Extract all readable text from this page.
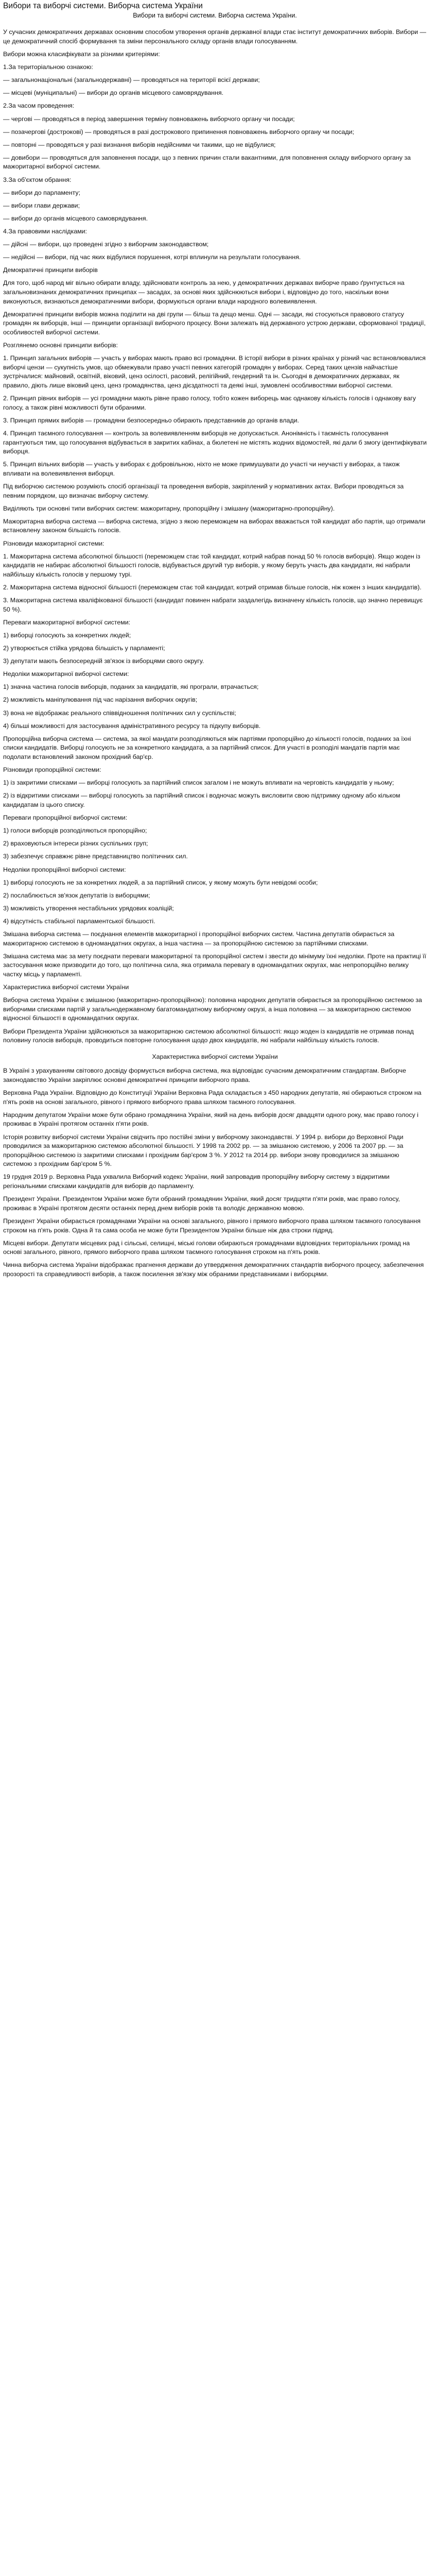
Вибори та виборчі системи. Виборча система України
Вибори та виборчі системи. Виборча система України.

У сучасних демократичних державах основним способом утворення органів державної влади стає інститут демократичних виборів. Вибори — це демократичний спосіб формування та зміни персонального складу органів влади голосуванням.

Вибори можна класифікувати за різними критеріями:

1.За територіальною ознакою:

— загальнонаціональні (загальнодержавні) — проводяться на території всієї держави;

— місцеві (муніципальні) — вибори до органів місцевого самоврядування.

2.За часом проведення:

— чергові — проводяться в період завершення терміну повноважень виборчого органу чи посади;

— позачергові (дострокові) — проводяться в разі дострокового припинення повноважень виборчого органу чи посади;

— повторні — проводяться у разі визнання виборів недійсними чи такими, що не відбулися;

— довибори — проводяться для заповнення посади, що з певних причин стали вакантними, для поповнення складу виборчого органу за мажоритарної виборчої системи.

3.За об'єктом обрання:

— вибори до парламенту;

— вибори глави держави;

— вибори до органів місцевого самоврядування.

4.За правовими наслідками:

— дійсні — вибори, що проведені згідно з виборчим законодавством;

— недійсні — вибори, під час яких відбулися порушення, котрі вплинули на результати голосування.

Демократичні принципи виборів

Для того, щоб народ міг вільно обирати владу, здійснювати контроль за нею, у демократичних державах виборче право ґрунтується на загальновизнаних демократичних принципах — засадах, за основі яких здійснюються вибори і, відповідно до того, наскільки вони виконуються, визнаються демократичними вибори, формуються органи влади народного волевиявлення.

Демократичні принципи виборів можна поділити на дві групи — більш та дещо менш. Одні — засади, які стосуються правового статусу громадян як виборців, інші — принципи організації виборчого процесу. Вони залежать від державного устрою держави, сформованої традиції, особливостей виборчої системи.

Розглянемо основні принципи виборів:

1. Принцип загальних виборів — участь у виборах мають право всі громадяни. В історії вибори в різних країнах у різний час встановлювалися виборчі цензи — сукупність умов, що обмежували право участі певних категорій громадян у виборах. Серед таких цензів найчастіше зустрічалися: майновий, освітній, віковий, ценз осілості, расовий, релігійний, гендерний та ін. Сьогодні в демократичних державах, як правило, діють лише віковий ценз, ценз громадянства, ценз дієздатності та деякі інші, зумовлені особливостями виборчої системи.

2. Принцип рівних виборів — усі громадяни мають рівне право голосу, тобто кожен виборець має однакову кількість голосів і однакову вагу голосу, а також рівні можливості бути обраними.

3. Принцип прямих виборів — громадяни безпосередньо обирають представників до органів влади.

4. Принцип таємного голосування — контроль за волевиявленням виборців не допускається. Анонімність і таємність голосування гарантуються тим, що голосування відбувається в закритих кабінах, а бюлетені не містять жодних відомостей, які дали б змогу ідентифікувати виборця.

5. Принцип вільних виборів — участь у виборах є добровільною, ніхто не може примушувати до участі чи неучасті у виборах, а також впливати на волевиявлення виборця.

Під виборчою системою розуміють спосіб організації та проведення виборів, закріплений у нормативних актах. Вибори проводяться за певним порядком, що визначає виборчу систему.

Виділяють три основні типи виборчих систем: мажоритарну, пропорційну і змішану (мажоритарно-пропорційну).

Мажоритарна виборча система — виборча система, згідно з якою переможцем на виборах вважається той кандидат або партія, що отримали встановлену законом більшість голосів.

Різновиди мажоритарної системи:

1. Мажоритарна система абсолютної більшості (переможцем стає той кандидат, котрий набрав понад 50 % голосів виборців). Якщо жоден із кандидатів не набирає абсолютної більшості голосів, відбувається другий тур виборів, у якому беруть участь два кандидати, які набрали найбільшу кількість голосів у першому турі.

2. Мажоритарна система відносної більшості (переможцем стає той кандидат, котрий отримав більше голосів, ніж кожен з інших кандидатів).

3. Мажоритарна система кваліфікованої більшості (кандидат повинен набрати заздалегідь визначену кількість голосів, що значно перевищує 50 %).

Переваги мажоритарної виборчої системи:

1) виборці голосують за конкретних людей;

2) утворюється стійка урядова більшість у парламенті;

3) депутати мають безпосередній зв'язок із виборцями свого округу.

Недоліки мажоритарної виборчої системи:

1) значна частина голосів виборців, поданих за кандидатів, які програли, втрачається;

2) можливість маніпулювання під час нарізання виборчих округів;

3) вона не відображає реального співвідношення політичних сил у суспільстві;

4) більші можливості для застосування адміністративного ресурсу та підкупу виборців.

Пропорційна виборча система — система, за якої мандати розподіляються між партіями пропорційно до кількості голосів, поданих за їхні списки кандидатів. Виборці голосують не за конкретного кандидата, а за партійний список. Для участі в розподілі мандатів партія має подолати встановлений законом прохідний бар'єр.

Різновиди пропорційної системи:

1) із закритими списками — виборці голосують за партійний список загалом і не можуть впливати на черговість кандидатів у ньому;

2) із відкритими списками — виборці голосують за партійний список і водночас можуть висловити свою підтримку одному або кільком кандидатам із цього списку.

Переваги пропорційної виборчої системи:

1) голоси виборців розподіляються пропорційно;

2) враховуються інтереси різних суспільних груп;

3) забезпечує справжнє рівне представництво політичних сил.

Недоліки пропорційної виборчої системи:

1) виборці голосують не за конкретних людей, а за партійний список, у якому можуть бути невідомі особи;

2) послаблюється зв'язок депутатів із виборцями;

3) можливість утворення нестабільних урядових коаліцій;

4) відсутність стабільної парламентської більшості.

Змішана виборча система — поєднання елементів мажоритарної і пропорційної виборчих систем. Частина депутатів обирається за мажоритарною системою в одномандатних округах, а інша частина — за пропорційною системою за партійними списками.

Змішана система має за мету поєднати переваги мажоритарної та пропорційної систем і звести до мінімуму їхні недоліки. Проте на практиці її застосування може призводити до того, що політична сила, яка отримала перевагу в одномандатних округах, має непропорційно велику частку місць у парламенті.

Характеристика виборчої системи України

Виборча система України є змішаною (мажоритарно-пропорційною): половина народних депутатів обирається за пропорційною системою за виборчими списками партій у загальнодержавному багатомандатному виборчому окрузі, а інша половина — за мажоритарною системою відносної більшості в одномандатних округах.

Вибори Президента України здійснюються за мажоритарною системою абсолютної більшості: якщо жоден із кандидатів не отримав понад половину голосів виборців, проводиться повторне голосування щодо двох кандидатів, які набрали найбільшу кількість голосів.

Характеристика виборчої системи України

В Україні з урахуванням світового досвіду формується виборча система, яка відповідає сучасним демократичним стандартам. Виборче законодавство України закріплює основні демократичні принципи виборчого права.

Верховна Рада України. Відповідно до Конституції України Верховна Рада складається з 450 народних депутатів, які обираються строком на п'ять років на основі загального, рівного і прямого виборчого права шляхом таємного голосування.

Народним депутатом України може бути обрано громадянина України, який на день виборів досяг двадцяти одного року, має право голосу і проживає в Україні протягом останніх п'яти років.

Історія розвитку виборчої системи України свідчить про постійні зміни у виборчому законодавстві. У 1994 р. вибори до Верховної Ради проводилися за мажоритарною системою абсолютної більшості. У 1998 та 2002 рр. — за змішаною системою, у 2006 та 2007 рр. — за пропорційною системою із закритими списками і прохідним бар'єром 3 %. У 2012 та 2014 рр. вибори знову проводилися за змішаною системою з прохідним бар'єром 5 %.

19 грудня 2019 р. Верховна Рада ухвалила Виборчий кодекс України, який запровадив пропорційну виборчу систему з відкритими регіональними списками кандидатів для виборів до парламенту.

Президент України. Президентом України може бути обраний громадянин України, який досяг тридцяти п'яти років, має право голосу, проживає в Україні протягом десяти останніх перед днем виборів років та володіє державною мовою.

Президент України обирається громадянами України на основі загального, рівного і прямого виборчого права шляхом таємного голосування строком на п'ять років. Одна й та сама особа не може бути Президентом України більше ніж два строки підряд.

Місцеві вибори. Депутати місцевих рад і сільські, селищні, міські голови обираються громадянами відповідних територіальних громад на основі загального, рівного, прямого виборчого права шляхом таємного голосування строком на п'ять років.

Чинна виборча система України відображає прагнення держави до утвердження демократичних стандартів виборчого процесу, забезпечення прозорості та справедливості виборів, а також посилення зв'язку між обраними представниками і виборцями.
